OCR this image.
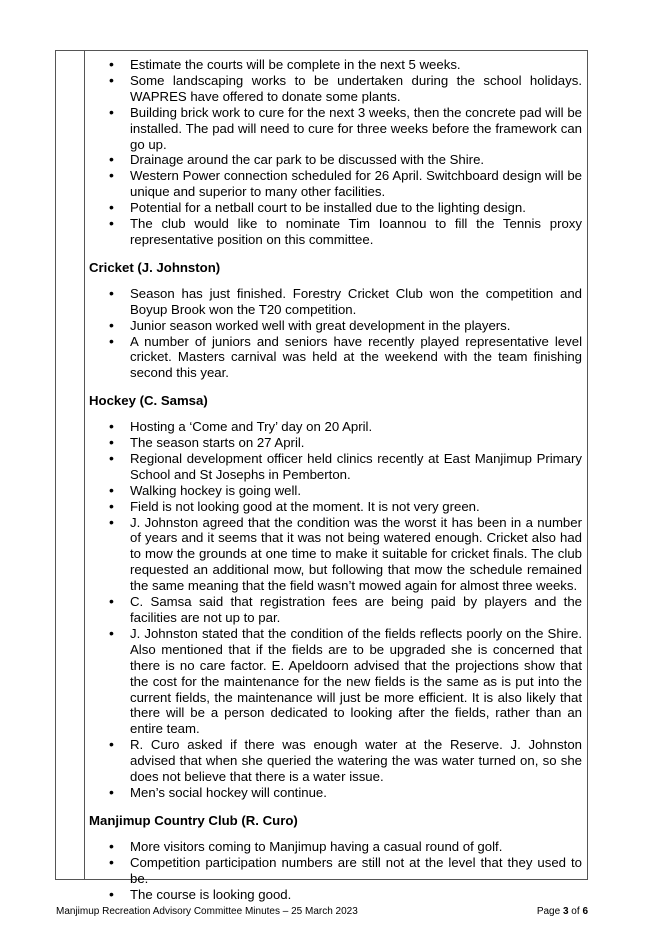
• Estimate the courts will be complete in the next 5 weeks.
• Some landscaping works to be undertaken during the school holidays. WAPRES have offered to donate some plants.
• Building brick work to cure for the next 3 weeks, then the concrete pad will be installed. The pad will need to cure for three weeks before the framework can go up.
• Drainage around the car park to be discussed with the Shire.
• Western Power connection scheduled for 26 April. Switchboard design will be unique and superior to many other facilities.
• Potential for a netball court to be installed due to the lighting design.
• The club would like to nominate Tim Ioannou to fill the Tennis proxy representative position on this committee.
Cricket (J. Johnston)
• Season has just finished. Forestry Cricket Club won the competition and Boyup Brook won the T20 competition.
• Junior season worked well with great development in the players.
• A number of juniors and seniors have recently played representative level cricket. Masters carnival was held at the weekend with the team finishing second this year.
Hockey (C. Samsa)
• Hosting a ‘Come and Try’ day on 20 April.
• The season starts on 27 April.
• Regional development officer held clinics recently at East Manjimup Primary School and St Josephs in Pemberton.
• Walking hockey is going well.
• Field is not looking good at the moment. It is not very green.
• J. Johnston agreed that the condition was the worst it has been in a number of years and it seems that it was not being watered enough. Cricket also had to mow the grounds at one time to make it suitable for cricket finals. The club requested an additional mow, but following that mow the schedule remained the same meaning that the field wasn’t mowed again for almost three weeks.
• C. Samsa said that registration fees are being paid by players and the facilities are not up to par.
• J. Johnston stated that the condition of the fields reflects poorly on the Shire. Also mentioned that if the fields are to be upgraded she is concerned that there is no care factor. E. Apeldoorn advised that the projections show that the cost for the maintenance for the new fields is the same as is put into the current fields, the maintenance will just be more efficient. It is also likely that there will be a person dedicated to looking after the fields, rather than an entire team.
• R. Curo asked if there was enough water at the Reserve. J. Johnston advised that when she queried the watering the was water turned on, so she does not believe that there is a water issue.
• Men’s social hockey will continue.
Manjimup Country Club (R. Curo)
• More visitors coming to Manjimup having a casual round of golf.
• Competition participation numbers are still not at the level that they used to be.
• The course is looking good.
Manjimup Recreation Advisory Committee Minutes – 25 March 2023	Page 3 of 6
